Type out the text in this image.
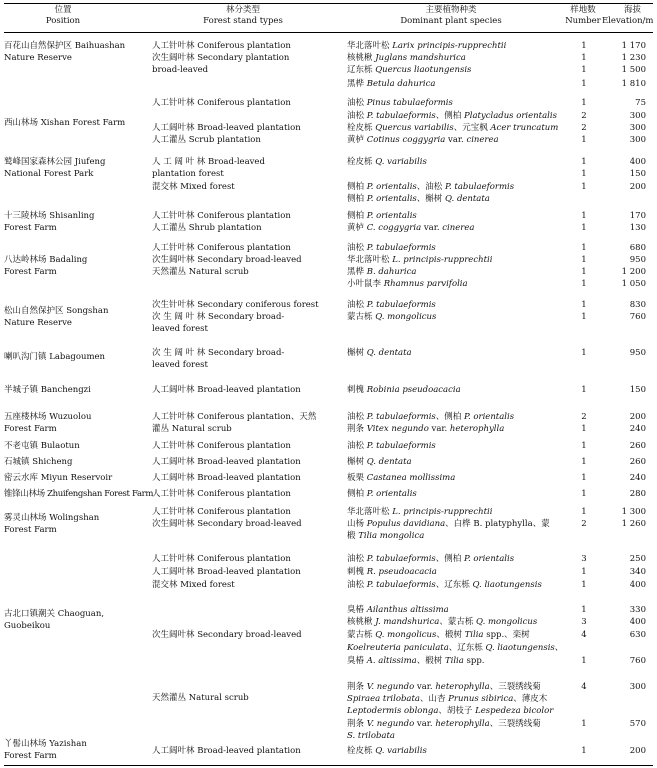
位置
Position
林分类型
Forest stand types
主要植物种类
Dominant plant species
样地数
Number
海拔
Elevation/m
百花山自然保护区 Baihuashan
Nature Reserve
西山林场 Xishan Forest Farm
鹫峰国家森林公园 Jiufeng
National Forest Park
十三陵林场 Shisanling
Forest Farm
八达岭林场 Badaling
Forest Farm
松山自然保护区 Songshan
Nature Reserve
喇叭沟门镇 Labagoumen
半城子镇 Banchengzi
五座楼林场 Wuzuolou
Forest Farm
不老屯镇 Bulaotun
石城镇 Shicheng
密云水库 Miyun Reservoir
锥锋山林场 Zhuifengshan Forest Farm
雾灵山林场 Wolingshan
Forest Farm
古北口镇潮关 Chaoguan,
Guobeikou
丫髻山林场 Yazishan
Forest Farm
人工针叶林 Coniferous plantation
次生阔叶林 Secondary plantation
broad-leaved
人工针叶林 Coniferous plantation
人工阔叶林 Broad-leaved plantation
人工灌丛 Scrub plantation
人 工 阔 叶 林 Broad-leaved
plantation forest
混交林 Mixed forest
人工针叶林 Coniferous plantation
人工灌丛 Shrub plantation
人工针叶林 Coniferous plantation
次生阔叶林 Secondary broad-leaved
天然灌丛 Natural scrub
次生针叶林 Secondary coniferous forest
次 生 阔 叶 林 Secondary broad-
leaved forest
次 生 阔 叶 林 Secondary broad-
leaved forest
人工阔叶林 Broad-leaved plantation
人工针叶林 Coniferous plantation、天然
灌丛 Natural scrub
人工针叶林 Coniferous plantation
人工阔叶林 Broad-leaved plantation
人工阔叶林 Broad-leaved plantation
人工针叶林 Coniferous plantation
人工针叶林 Coniferous plantation
次生阔叶林 Secondary broad-leaved
人工针叶林 Coniferous plantation
人工阔叶林 Broad-leaved plantation
混交林 Mixed forest
次生阔叶林 Secondary broad-leaved
天然灌丛 Natural scrub
人工阔叶林 Broad-leaved plantation
华北落叶松 Larix principis-rupprechtii
核桃楸 Juglans mandshurica
辽东栎 Quercus liaotungensis
黑桦 Betula dahurica
油松 Pinus tabulaeformis
油松 P. tabulaeformis、侧柏 Platycladus orientalis
栓皮栎 Quercus variabilis、元宝枫 Acer truncatum
黄栌 Cotinus coggygria var. cinerea
栓皮栎 Q. variabilis
侧柏 P. orientalis、油松 P. tabulaeformis
侧柏 P. orientalis、槲树 Q. dentata
侧柏 P. orientalis
黄栌 C. coggygria var. cinerea
油松 P. tabulaeformis
华北落叶松 L. principis-rupprechtii
黑桦 B. dahurica
小叶鼠李 Rhamnus parvifolia
油松 P. tabulaeformis
蒙古栎 Q. mongolicus
槲树 Q. dentata
刺槐 Robinia pseudoacacia
油松 P. tabulaeformis、侧柏 P. orientalis
荆条 Vitex negundo var. heterophylla
油松 P. tabulaeformis
槲树 Q. dentata
板栗 Castanea mollissima
侧柏 P. orientalis
华北落叶松 L. principis-rupprechtii
山杨 Populus davidiana、白桦 B. platyphylla、蒙
椴 Tilia mongolica
油松 P. tabulaeformis、侧柏 P. orientalis
刺槐 R. pseudoacacia
油松 P. tabulaeformis、辽东栎 Q. liaotungensis
臭椿 Ailanthus altissima
核桃楸 J. mandshurica、蒙古栎 Q. mongolicus
蒙古栎 Q. mongolicus、椴树 Tilia spp.、栾树
Koelreuteria paniculata、辽东栎 Q. liaotungensis、
臭椿 A. altissima、椴树 Tilia spp.
荆条 V. negundo var. heterophylla、三裂绣线菊
Spiraea trilobata、山杏 Prunus sibirica、薄皮木
Leptodermis oblonga、胡枝子 Lespedeza bicolor
荆条 V. negundo var. heterophylla、三裂绣线菊
S. trilobata
栓皮栎 Q. variabilis
1
1
1
1
1
2
2
1
1
1
1
1
1
1
1
1
1
1
1
1
1
2
1
1
1
1
1
1
2
3
1
1
1
3
4
1
4
1
1
1 170
1 230
1 500
1 810
75
300
300
300
400
150
200
170
130
680
950
1 200
1 050
830
760
950
150
200
240
260
260
240
280
1 300
1 260
250
340
400
330
400
630
760
300
570
200
